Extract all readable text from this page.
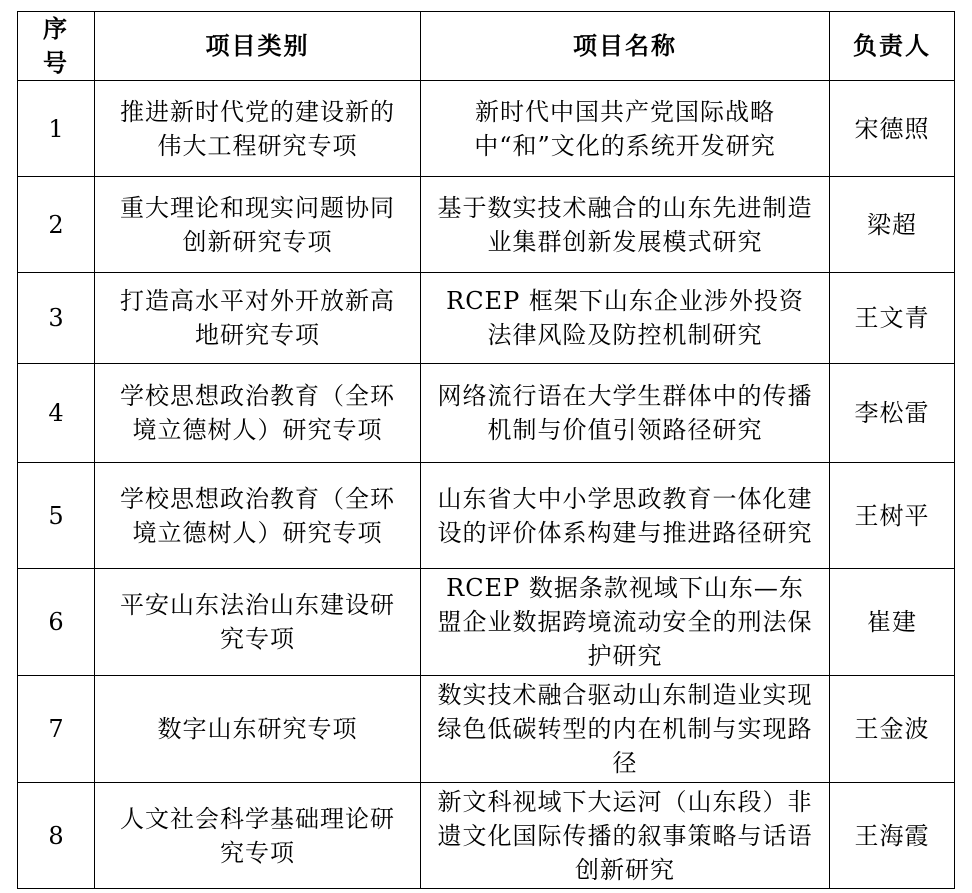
序号	项目类别	项目名称	负责人
1	推进新时代党的建设新的伟大工程研究专项	新时代中国共产党国际战略中“和”文化的系统开发研究	宋德照
2	重大理论和现实问题协同创新研究专项	基于数实技术融合的山东先进制造业集群创新发展模式研究	梁超
3	打造高水平对外开放新高地研究专项	RCEP 框架下山东企业涉外投资法律风险及防控机制研究	王文青
4	学校思想政治教育（全环境立德树人）研究专项	网络流行语在大学生群体中的传播机制与价值引领路径研究	李松雷
5	学校思想政治教育（全环境立德树人）研究专项	山东省大中小学思政教育一体化建设的评价体系构建与推进路径研究	王树平
6	平安山东法治山东建设研究专项	RCEP 数据条款视域下山东—东盟企业数据跨境流动安全的刑法保护研究	崔建
7	数字山东研究专项	数实技术融合驱动山东制造业实现绿色低碳转型的内在机制与实现路径	王金波
8	人文社会科学基础理论研究专项	新文科视域下大运河（山东段）非遗文化国际传播的叙事策略与话语创新研究	王海霞
